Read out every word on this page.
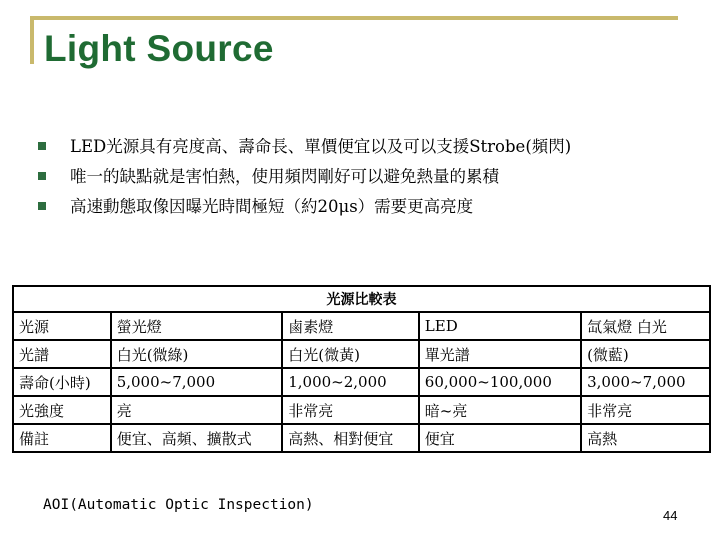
Light Source
LED光源具有亮度高、壽命長、單價便宜以及可以支援Strobe(頻閃)
唯一的缺點就是害怕熱，使用頻閃剛好可以避免熱量的累積
高速動態取像因曝光時間極短（約20μs）需要更高亮度
光源比較表				
光源	螢光燈	鹵素燈	LED	氙氣燈 白光
光譜	白光(微綠)	白光(微黃)	單光譜	(微藍)
壽命(小時)	5,000~7,000	1,000~2,000	60,000~100,000	3,000~7,000
光強度	亮	非常亮	暗~亮	非常亮
備註	便宜、高頻、擴散式	高熱、相對便宜	便宜	高熱
AOI(Automatic Optic Inspection)
44
